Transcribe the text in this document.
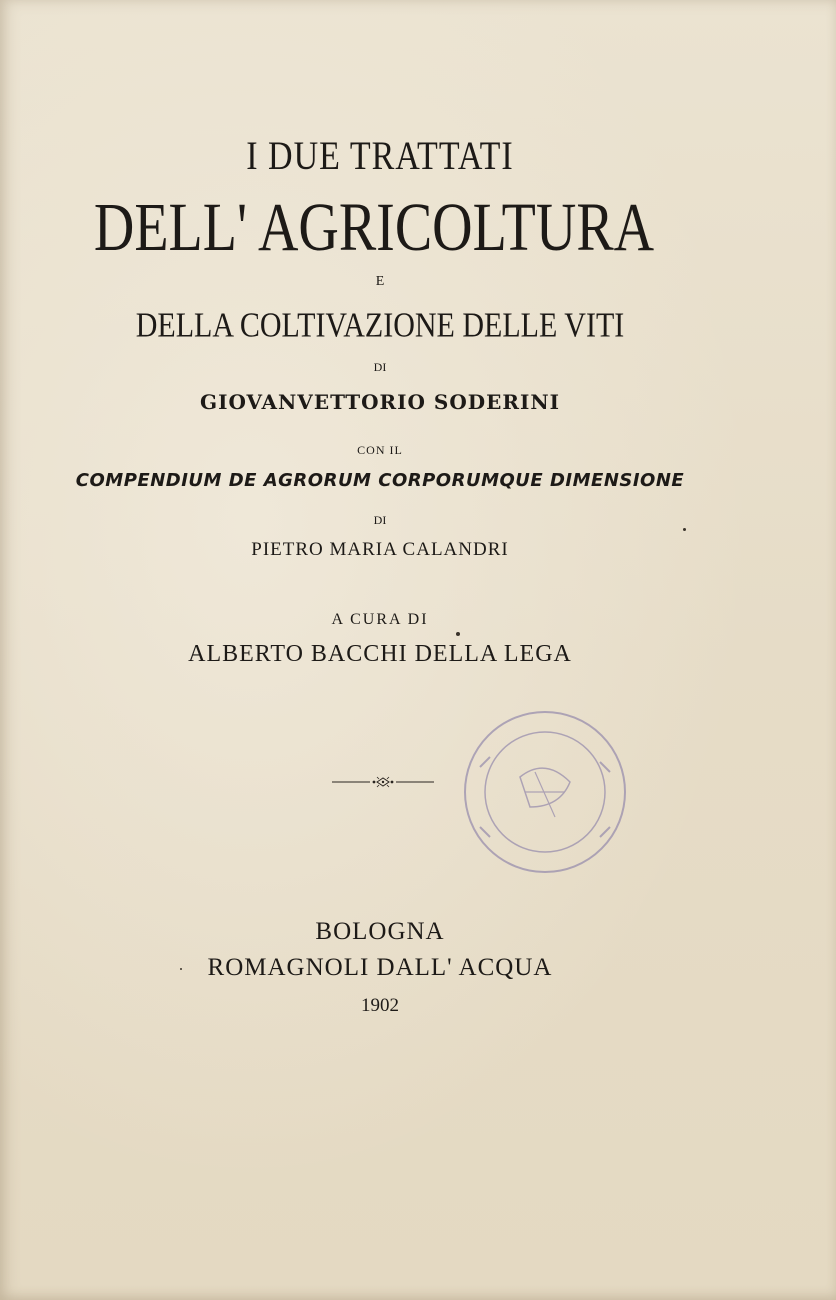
I DUE TRATTATI
DELL' AGRICOLTURA
E
DELLA COLTIVAZIONE DELLE VITI
DI
GIOVANVETTORIO SODERINI
CON IL
COMPENDIUM DE AGRORUM CORPORUMQUE DIMENSIONE
DI
PIETRO MARIA CALANDRI
A CURA DI
ALBERTO BACCHI DELLA LEGA
BOLOGNA
ROMAGNOLI DALL' ACQUA
1902
